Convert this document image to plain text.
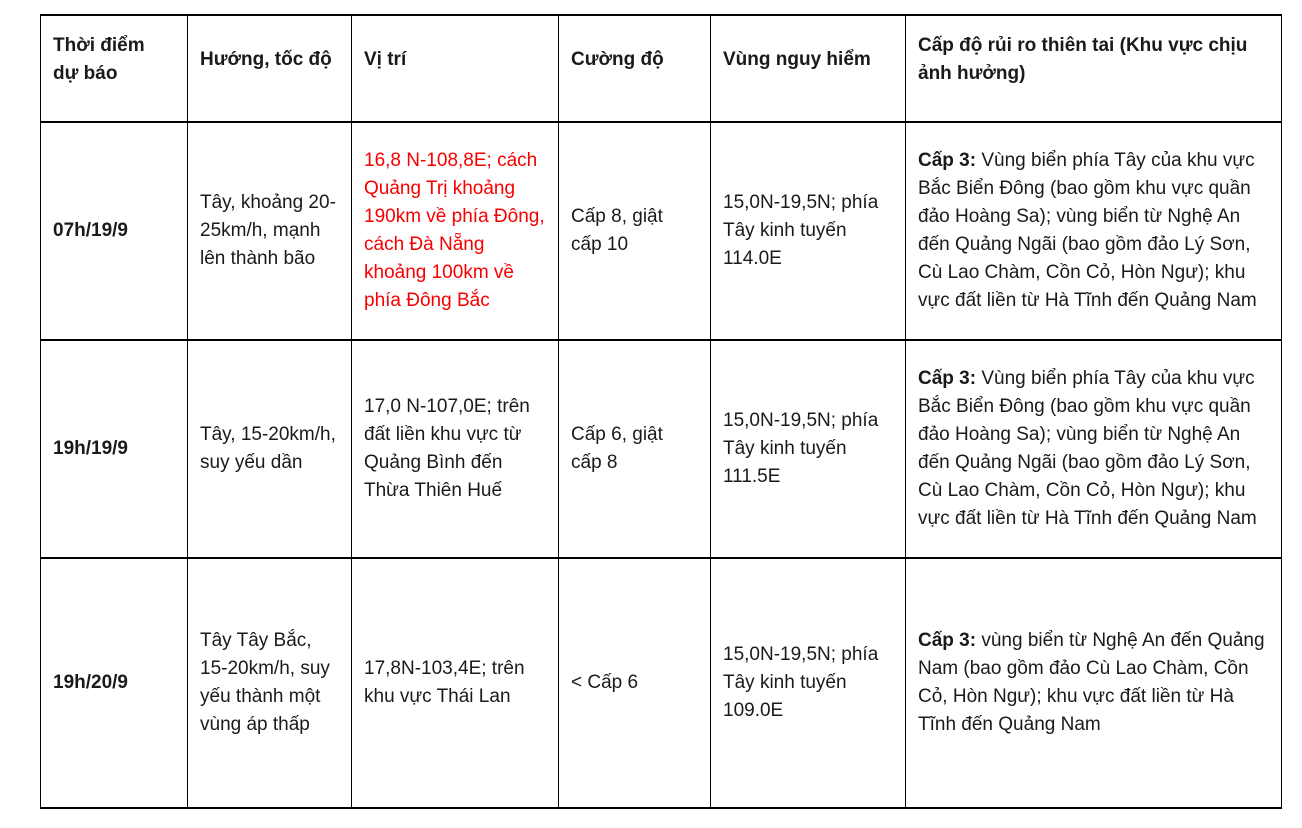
Thời điểm dự báo	Hướng, tốc độ	Vị trí	Cường độ	Vùng nguy hiểm	Cấp độ rủi ro thiên tai (Khu vực chịu ảnh hưởng)
07h/19/9	Tây, khoảng 20-25km/h, mạnh lên thành bão	16,8 N-108,8E; cách Quảng Trị khoảng 190km về phía Đông, cách Đà Nẵng khoảng 100km về phía Đông Bắc	Cấp 8, giật cấp 10	15,0N-19,5N; phía Tây kinh tuyến 114.0E	Cấp 3: Vùng biển phía Tây của khu vực Bắc Biển Đông (bao gồm khu vực quần đảo Hoàng Sa); vùng biển từ Nghệ An đến Quảng Ngãi (bao gồm đảo Lý Sơn, Cù Lao Chàm, Cồn Cỏ, Hòn Ngư); khu vực đất liền từ Hà Tĩnh đến Quảng Nam
19h/19/9	Tây, 15-20km/h, suy yếu dần	17,0 N-107,0E; trên đất liền khu vực từ Quảng Bình đến Thừa Thiên Huế	Cấp 6, giật cấp 8	15,0N-19,5N; phía Tây kinh tuyến 111.5E	Cấp 3: Vùng biển phía Tây của khu vực Bắc Biển Đông (bao gồm khu vực quần đảo Hoàng Sa); vùng biển từ Nghệ An đến Quảng Ngãi (bao gồm đảo Lý Sơn, Cù Lao Chàm, Cồn Cỏ, Hòn Ngư); khu vực đất liền từ Hà Tĩnh đến Quảng Nam
19h/20/9	Tây Tây Bắc, 15-20km/h, suy yếu thành một vùng áp thấp	17,8N-103,4E; trên khu vực Thái Lan	< Cấp 6	15,0N-19,5N; phía Tây kinh tuyến 109.0E	Cấp 3: vùng biển từ Nghệ An đến Quảng Nam (bao gồm đảo Cù Lao Chàm, Cồn Cỏ, Hòn Ngư); khu vực đất liền từ Hà Tĩnh đến Quảng Nam
